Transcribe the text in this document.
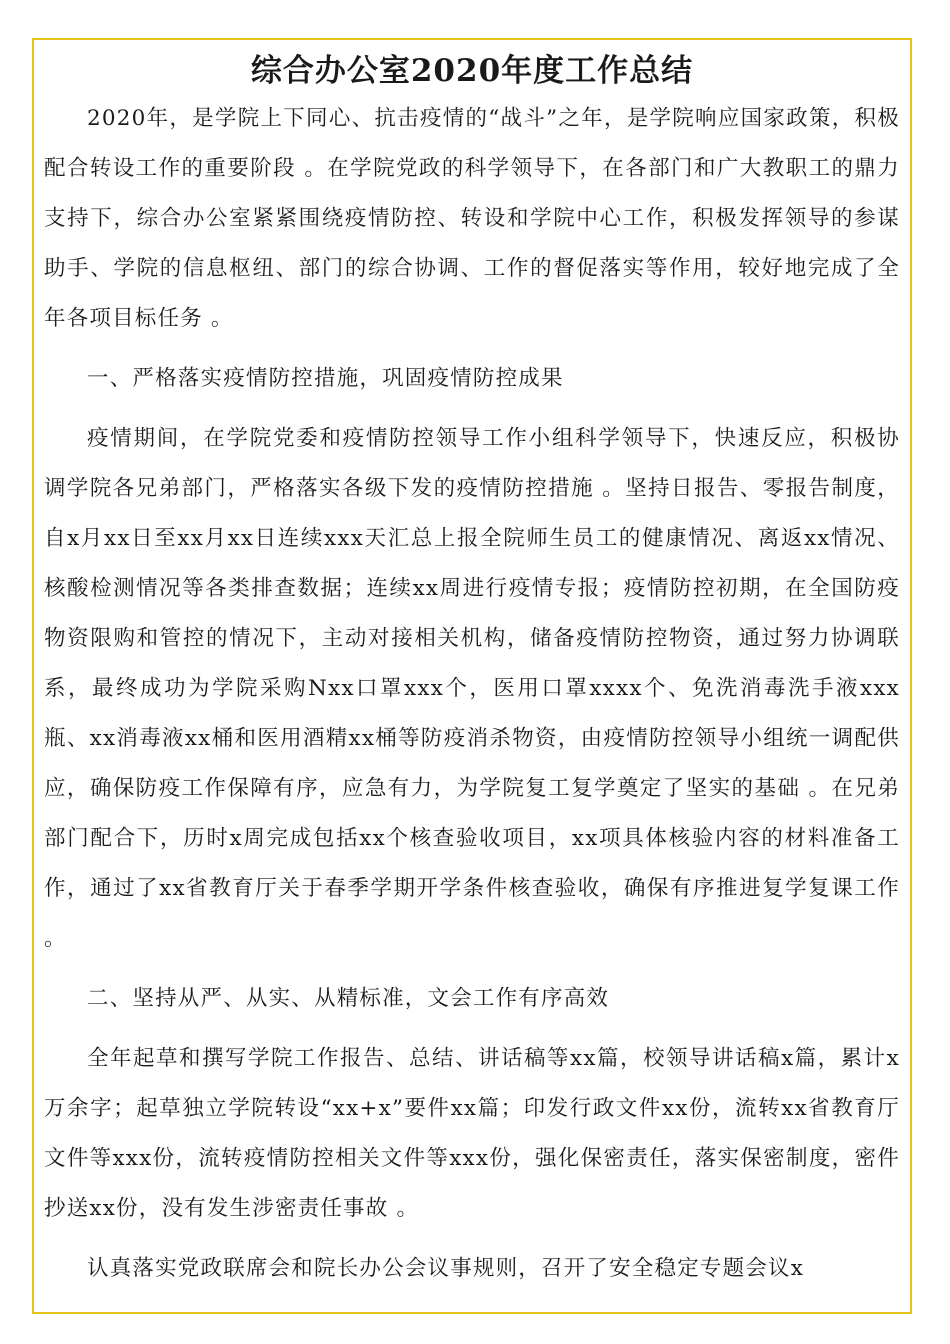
综合办公室2020年度工作总结

2020年，是学院上下同心、抗击疫情的“战斗”之年，是学院响应国家政策，积极配合转设工作的重要阶段 。在学院党政的科学领导下，在各部门和广大教职工的鼎力支持下，综合办公室紧紧围绕疫情防控、转设和学院中心工作，积极发挥领导的参谋助手、学院的信息枢纽、部门的综合协调、工作的督促落实等作用，较好地完成了全年各项目标任务 。

一、严格落实疫情防控措施，巩固疫情防控成果

疫情期间，在学院党委和疫情防控领导工作小组科学领导下，快速反应，积极协调学院各兄弟部门，严格落实各级下发的疫情防控措施 。坚持日报告、零报告制度，自x月xx日至xx月xx日连续xxx天汇总上报全院师生员工的健康情况、离返xx情况、核酸检测情况等各类排查数据；连续xx周进行疫情专报；疫情防控初期，在全国防疫物资限购和管控的情况下，主动对接相关机构，储备疫情防控物资，通过努力协调联系，最终成功为学院采购Nxx口罩xxx个，医用口罩xxxx个、免洗消毒洗手液xxx瓶、xx消毒液xx桶和医用酒精xx桶等防疫消杀物资，由疫情防控领导小组统一调配供应，确保防疫工作保障有序，应急有力，为学院复工复学奠定了坚实的基础 。在兄弟部门配合下，历时x周完成包括xx个核查验收项目，xx项具体核验内容的材料准备工作，通过了xx省教育厅关于春季学期开学条件核查验收，确保有序推进复学复课工作 。

二、坚持从严、从实、从精标准，文会工作有序高效

全年起草和撰写学院工作报告、总结、讲话稿等xx篇，校领导讲话稿x篇，累计x万余字；起草独立学院转设“xx+x”要件xx篇；印发行政文件xx份，流转xx省教育厅文件等xxx份，流转疫情防控相关文件等xxx份，强化保密责任，落实保密制度，密件抄送xx份，没有发生涉密责任事故 。

认真落实党政联席会和院长办公会议事规则，召开了安全稳定专题会议x
